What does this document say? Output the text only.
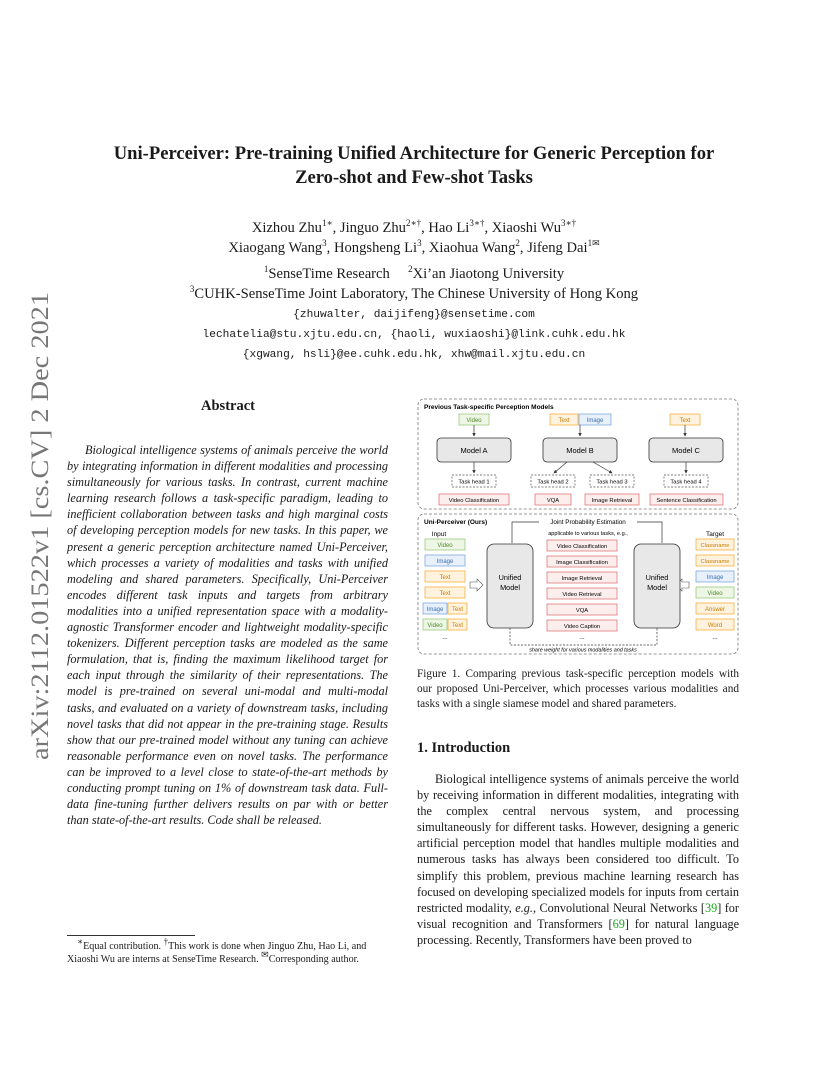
arXiv:2112.01522v1 [cs.CV] 2 Dec 2021
Uni-Perceiver: Pre-training Unified Architecture for Generic Perception for
Zero-shot and Few-shot Tasks
Xizhou Zhu$^{1∗}$, Jinguo Zhu$^{2∗\dagger}$, Hao $Li^{3∗\dagger}$, Xiaoshi $Wu^{3∗\dagger}$
Xiaogang Wang$^3$, Hongsheng Li$^3$, Xiaohua Wang$^2$, Jifeng Dai$^{1✉}$
$^1$SenseTime Research $^2$Xi’an Jiaotong University
$^3$CUHK-SenseTime Joint Laboratory, The Chinese University of Hong Kong
{zhuwalter, daijifeng}@sensetime.com
lechatelia@stu.xjtu.edu.cn, {haoli, wuxiaoshi}@link.cuhk.edu.hk
{xgwang, hsli}@ee.cuhk.edu.hk, xhw@mail.xjtu.edu.cn
Abstract

Biological intelligence systems of animals perceive the world by integrating information in different modalities and processing simultaneously for various tasks. In contrast, current machine learning research follows a task-specific paradigm, leading to inefficient collaboration between tasks and high marginal costs of developing perception models for new tasks. In this paper, we present a generic perception architecture named Uni-Perceiver, which processes a variety of modalities and tasks with unified modeling and shared parameters. Specifically, Uni-Perceiver encodes different task inputs and targets from arbitrary modalities into a unified representation space with a modality-agnostic Transformer encoder and lightweight modality-specific tokenizers. Different perception tasks are modeled as the same formulation, that is, finding the maximum likelihood target for each input through the similarity of their representations. The model is pre-trained on several uni-modal and multi-modal tasks, and evaluated on a variety of downstream tasks, including novel tasks that did not appear in the pre-training stage. Results show that our pre-trained model without any tuning can achieve reasonable performance even on novel tasks. The performance can be improved to a level close to state-of-the-art methods by conducting prompt tuning on 1% of downstream task data. Full-data fine-tuning further delivers results on par with or better than state-of-the-art results. Code shall be released.

∗Equal contribution. †This work is done when Jinguo Zhu, Hao Li, and Xiaoshi Wu are interns at SenseTime Research. ✉Corresponding author.
Previous Task-specific Perception Models
Video	Text	Image	Text
Model A	Model B	Model C
Task head 1	Task head 2	Task head 3	Task head 4
Video Classification	VQA	Image Retrieval	Sentence Classification
Uni-Perceiver (Ours)	Joint Probability Estimation
applicable to various tasks, e.g.,
Input	Target
Video
Image
Text
Text
Image Text
Video Text
...
Unified
Model
Unified
Model
Video Classification
Image Classification
Image Retrieval
Video Retrieval
VQA
Video Caption
...
Classname
Classname
Image
Video
Answer
Word
...
share weight for various modalities and tasks
Figure 1. Comparing previous task-specific perception models with our proposed Uni-Perceiver, which processes various modalities and tasks with a single siamese model and shared parameters.
1. Introduction

Biological intelligence systems of animals perceive the world by receiving information in different modalities, integrating with the complex central nervous system, and processing simultaneously for different tasks. However, designing a generic artificial perception model that handles multiple modalities and numerous tasks has always been considered too difficult. To simplify this problem, previous machine learning research has focused on developing specialized models for inputs from certain restricted modality, e.g., Convolutional Neural Networks [39] for visual recognition and Transformers [69] for natural language processing. Recently, Transformers have been proved to
